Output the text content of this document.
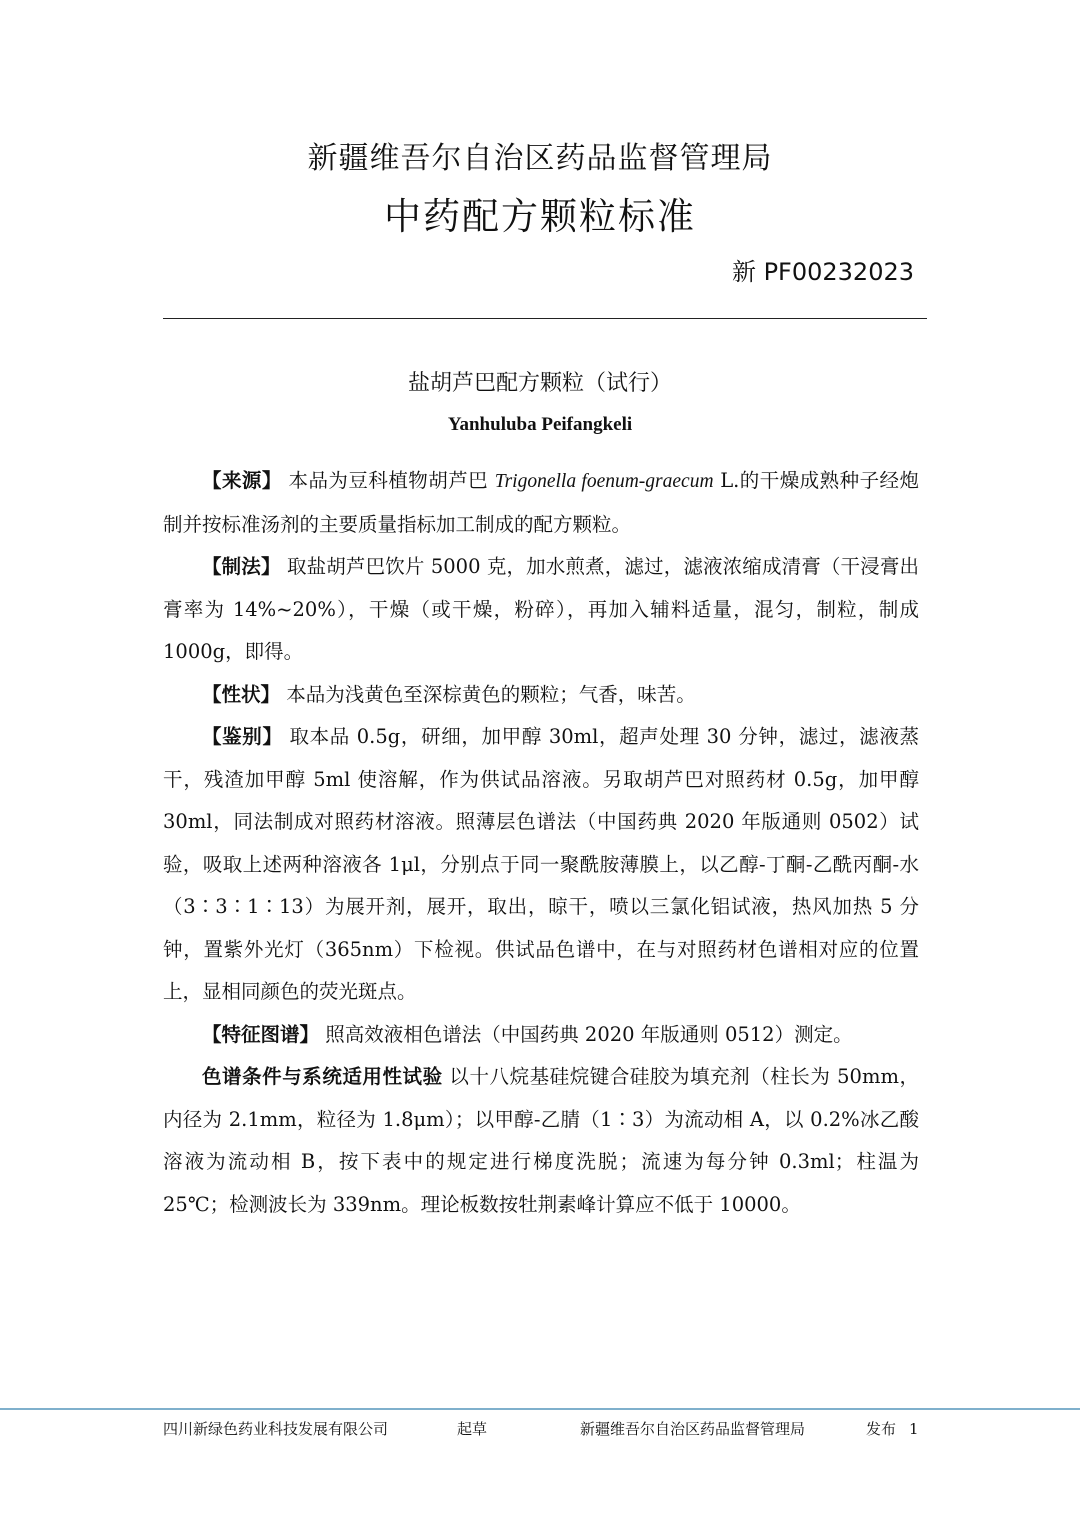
新疆维吾尔自治区药品监督管理局
中药配方颗粒标准
新 PF00232023
盐胡芦巴配方颗粒（试行）
Yanhuluba Peifangkeli

【来源】 本品为豆科植物胡芦巴 Trigonella foenum-graecum L.的干燥成熟种子经炮制并按标准汤剂的主要质量指标加工制成的配方颗粒。

【制法】 取盐胡芦巴饮片 5000 克，加水煎煮，滤过，滤液浓缩成清膏（干浸膏出膏率为 14%~20%），干燥（或干燥，粉碎），再加入辅料适量，混匀，制粒，制成 1000g，即得。

【性状】 本品为浅黄色至深棕黄色的颗粒；气香，味苦。

【鉴别】 取本品 0.5g，研细，加甲醇 30ml，超声处理 30 分钟，滤过，滤液蒸干，残渣加甲醇 5ml 使溶解，作为供试品溶液。另取胡芦巴对照药材 0.5g，加甲醇 30ml，同法制成对照药材溶液。照薄层色谱法（中国药典 2020 年版通则 0502）试验，吸取上述两种溶液各 1μl，分别点于同一聚酰胺薄膜上，以乙醇-丁酮-乙酰丙酮-水（3∶3∶1∶13）为展开剂，展开，取出，晾干，喷以三氯化铝试液，热风加热 5 分钟，置紫外光灯（365nm）下检视。供试品色谱中，在与对照药材色谱相对应的位置上，显相同颜色的荧光斑点。

【特征图谱】 照高效液相色谱法（中国药典 2020 年版通则 0512）测定。

色谱条件与系统适用性试验 以十八烷基硅烷键合硅胶为填充剂（柱长为 50mm，内径为 2.1mm，粒径为 1.8μm）；以甲醇-乙腈（1∶3）为流动相 A，以 0.2%冰乙酸溶液为流动相 B，按下表中的规定进行梯度洗脱；流速为每分钟 0.3ml；柱温为 25℃；检测波长为 339nm。理论板数按牡荆素峰计算应不低于 10000。

四川新绿色药业科技发展有限公司	起草	新疆维吾尔自治区药品监督管理局	发布 1
